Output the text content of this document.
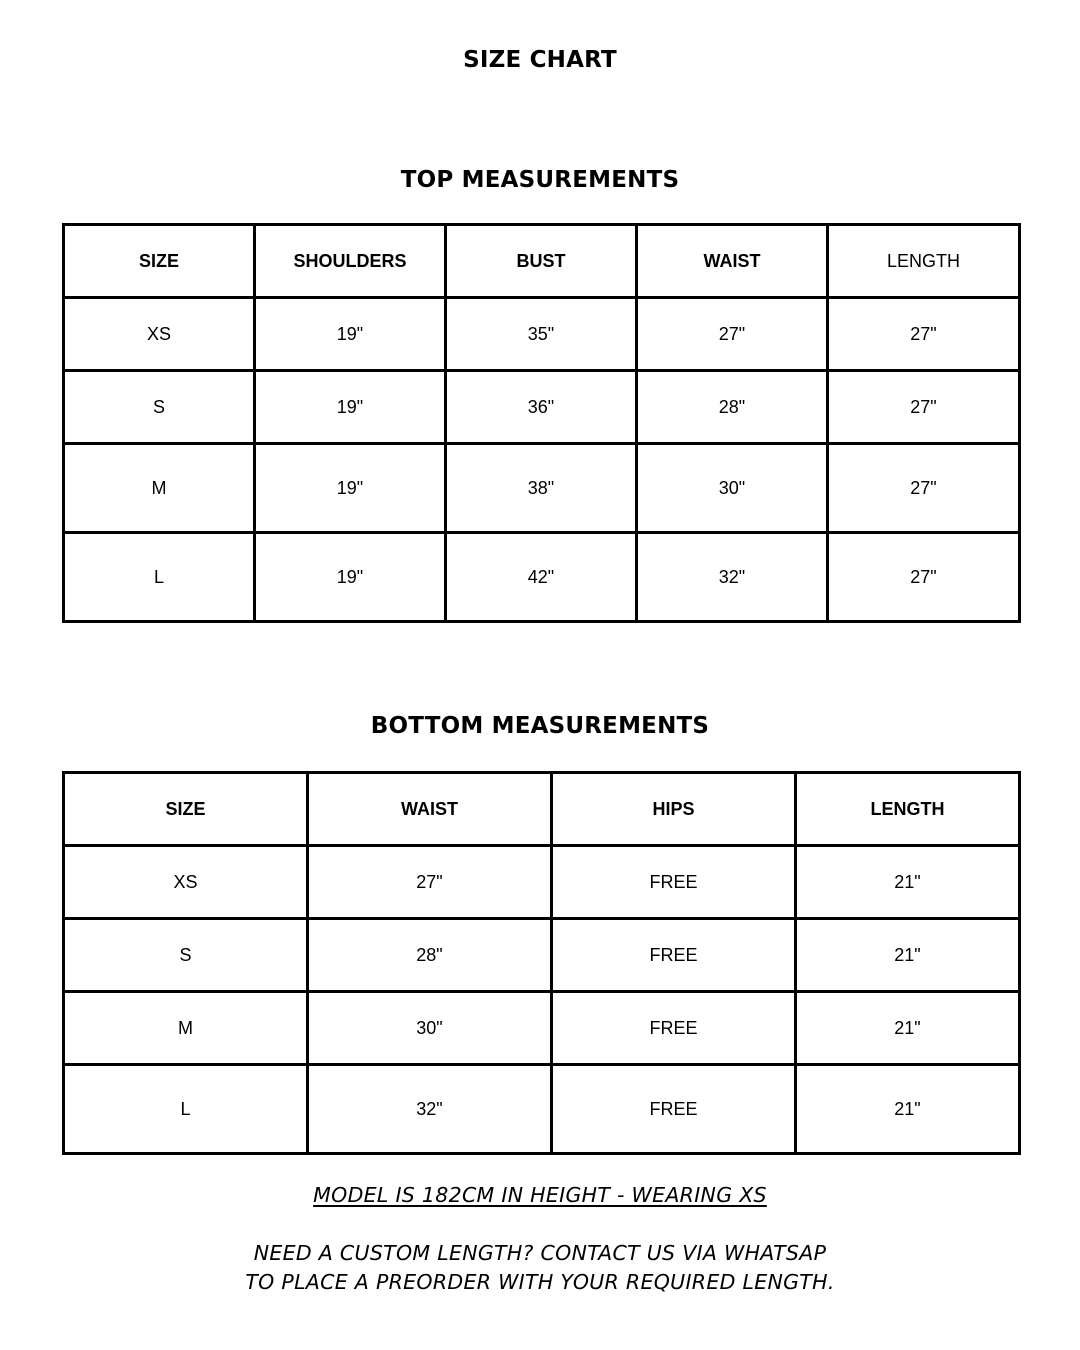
SIZE CHART
TOP MEASUREMENTS
SIZE	SHOULDERS	BUST	WAIST	LENGTH
XS	19"	35"	27"	27"
S	19"	36"	28"	27"
M	19"	38"	30"	27"
L	19"	42"	32"	27"
BOTTOM MEASUREMENTS
SIZE	WAIST	HIPS	LENGTH
XS	27"	FREE	21"
S	28"	FREE	21"
M	30"	FREE	21"
L	32"	FREE	21"

MODEL IS 182CM IN HEIGHT - WEARING XS

NEED A CUSTOM LENGTH? CONTACT US VIA WHATSAP

TO PLACE A PREORDER WITH YOUR REQUIRED LENGTH.
